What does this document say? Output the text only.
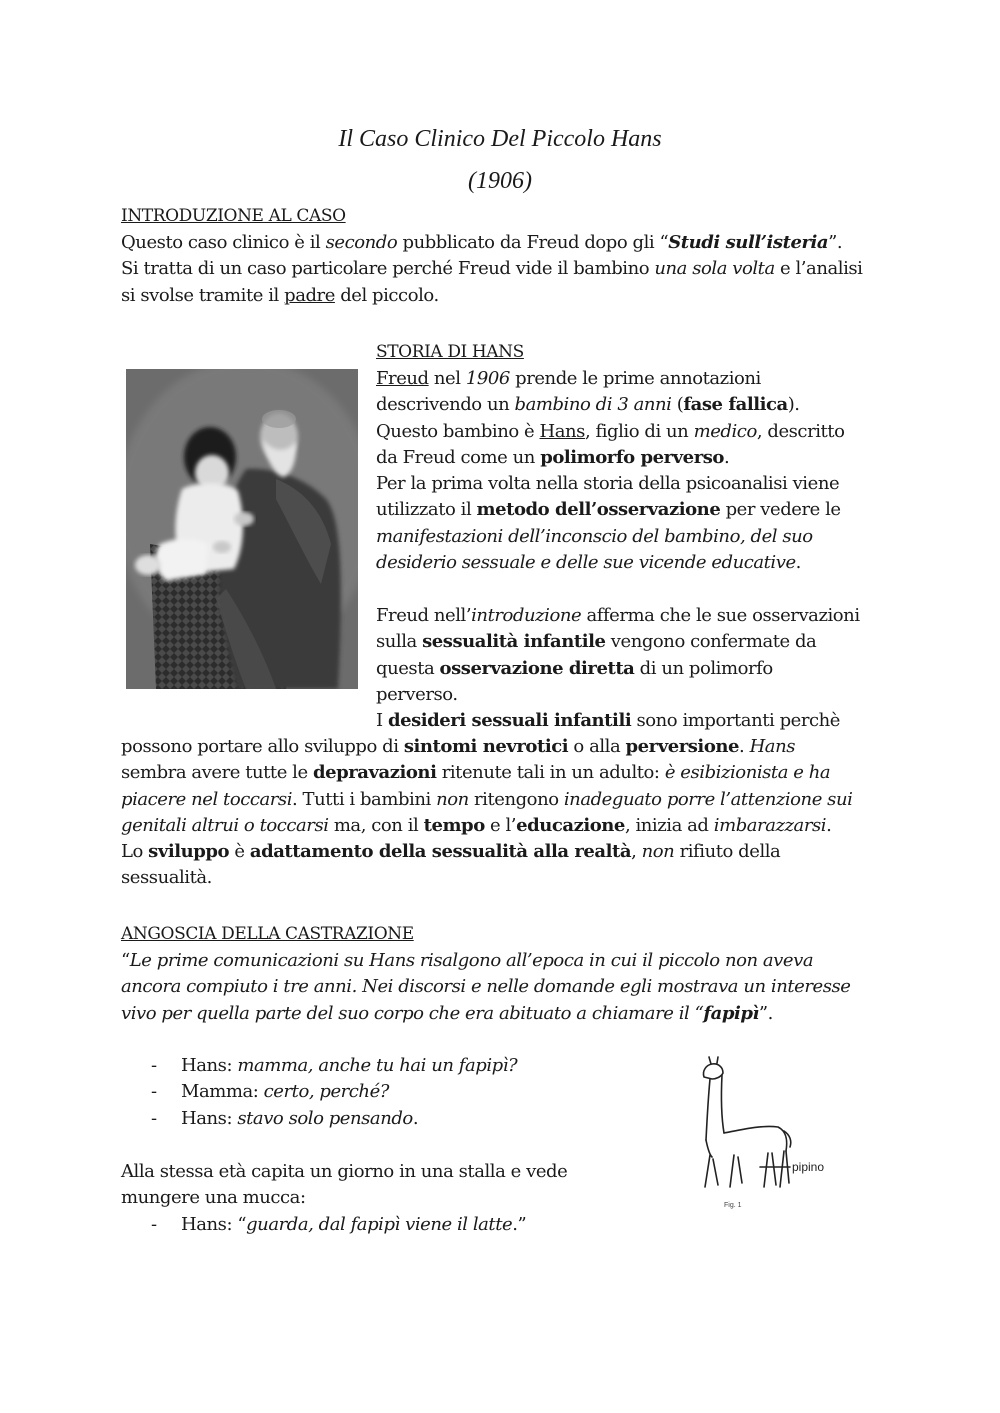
Il Caso Clinico Del Piccolo Hans
(1906)
INTRODUZIONE AL CASO
Questo caso clinico è il secondo pubblicato da Freud dopo gli “Studi sull’isteria”.
Si tratta di un caso particolare perché Freud vide il bambino una sola volta e l’analisi
si svolse tramite il padre del piccolo.
STORIA DI HANS
Freud nel 1906 prende le prime annotazioni
descrivendo un bambino di 3 anni (fase fallica).
Questo bambino è Hans, figlio di un medico, descritto
da Freud come un polimorfo perverso.
Per la prima volta nella storia della psicoanalisi viene
utilizzato il metodo dell’osservazione per vedere le
manifestazioni dell’inconscio del bambino, del suo
desiderio sessuale e delle sue vicende educative.
Freud nell’introduzione afferma che le sue osservazioni
sulla sessualità infantile vengono confermate da
questa osservazione diretta di un polimorfo
perverso.
I desideri sessuali infantili sono importanti perchè
possono portare allo sviluppo di sintomi nevrotici o alla perversione. Hans
sembra avere tutte le depravazioni ritenute tali in un adulto: è esibizionista e ha
piacere nel toccarsi. Tutti i bambini non ritengono inadeguato porre l’attenzione sui
genitali altrui o toccarsi ma, con il tempo e l’educazione, inizia ad imbarazzarsi.
Lo sviluppo è adattamento della sessualità alla realtà, non rifiuto della
sessualità.
ANGOSCIA DELLA CASTRAZIONE
“Le prime comunicazioni su Hans risalgono all’epoca in cui il piccolo non aveva
ancora compiuto i tre anni. Nei discorsi e nelle domande egli mostrava un interesse
vivo per quella parte del suo corpo che era abituato a chiamare il “fapipì”.
- Hans: mamma, anche tu hai un fapipì?
- Mamma: certo, perché?
- Hans: stavo solo pensando.
Alla stessa età capita un giorno in una stalla e vede
mungere una mucca:
- Hans: “guarda, dal fapipì viene il latte.”
pipino
Fig. 1
